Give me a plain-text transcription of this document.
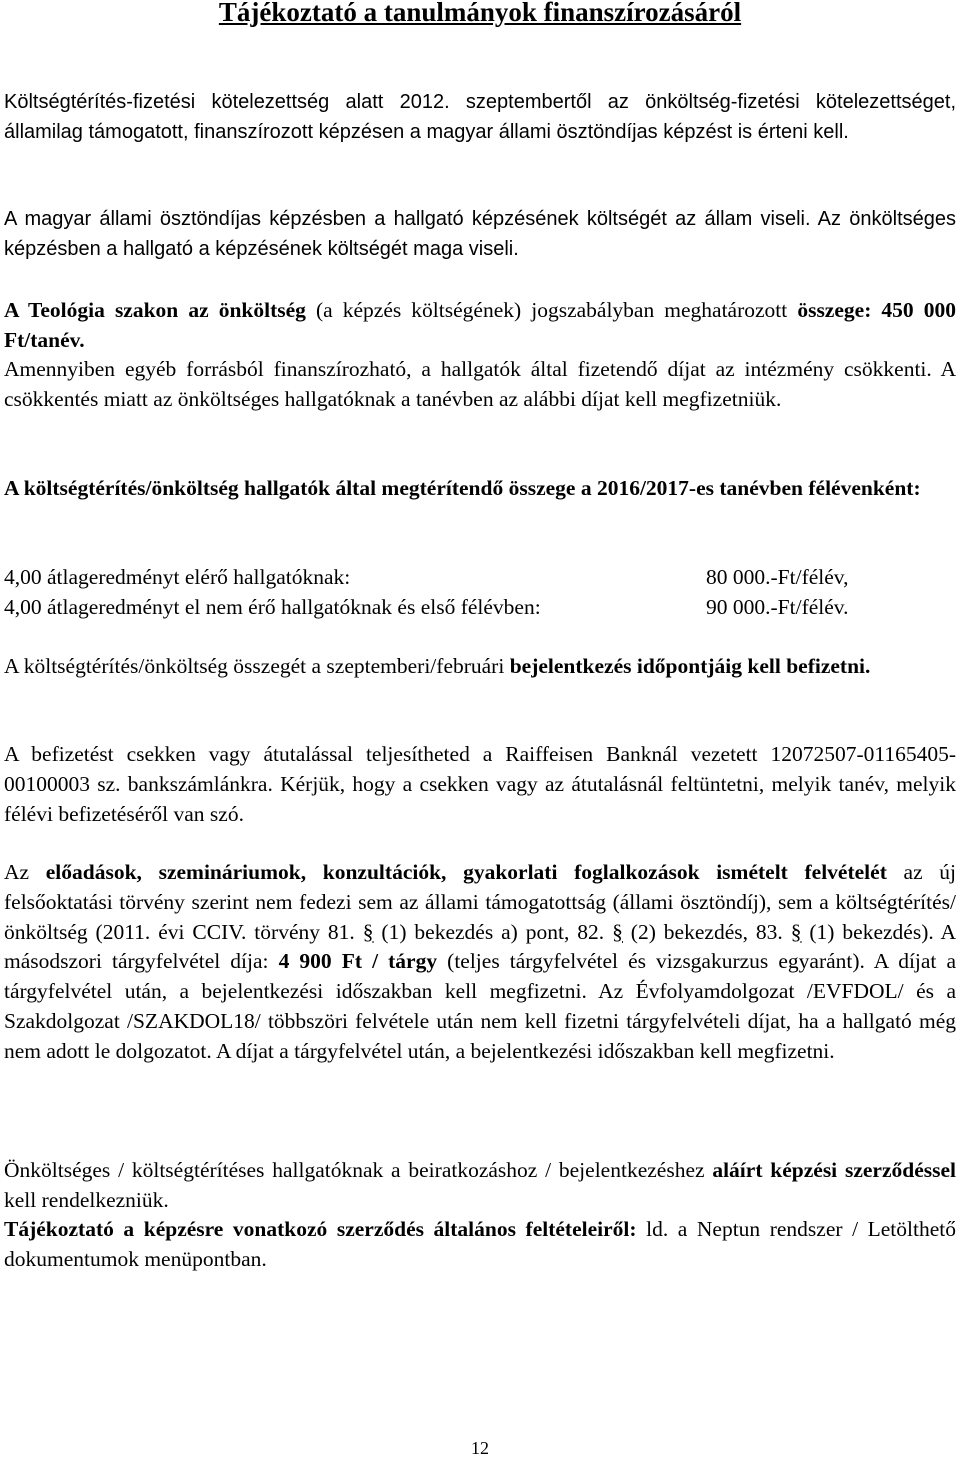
Tájékoztató a tanulmányok finanszírozásáról
Költségtérítés-fizetési kötelezettség alatt 2012. szeptembertől az önköltség-fizetési kötelezettséget, államilag támogatott, finanszírozott képzésen a magyar állami ösztöndíjas képzést is érteni kell.
A magyar állami ösztöndíjas képzésben a hallgató képzésének költségét az állam viseli. Az önköltséges képzésben a hallgató a képzésének költségét maga viseli.
A Teológia szakon az önköltség (a képzés költségének) jogszabályban meghatározott összege: 450 000 Ft/tanév.
Amennyiben egyéb forrásból finanszírozható, a hallgatók által fizetendő díjat az intézmény csökkenti. A csökkentés miatt az önköltséges hallgatóknak a tanévben az alábbi díjat kell megfizetniük.
A költségtérítés/önköltség hallgatók által megtérítendő összege a 2016/2017-es tanévben félévenként:
4,00 átlageredményt elérő hallgatóknak:	80 000.-Ft/félév,
4,00 átlageredményt el nem érő hallgatóknak és első félévben:	90 000.-Ft/félév.
A költségtérítés/önköltség összegét a szeptemberi/februári bejelentkezés időpontjáig kell befizetni.
A befizetést csekken vagy átutalással teljesítheted a Raiffeisen Banknál vezetett 12072507-01165405-00100003 sz. bankszámlánkra. Kérjük, hogy a csekken vagy az átutalásnál feltüntetni, melyik tanév, melyik félévi befizetéséről van szó.
Az előadások, szemináriumok, konzultációk, gyakorlati foglalkozások ismételt felvételét az új felsőoktatási törvény szerint nem fedezi sem az állami támogatottság (állami ösztöndíj), sem a költségtérítés/önköltség (2011. évi CCIV. törvény 81. § (1) bekezdés a) pont, 82. § (2) bekezdés, 83. § (1) bekezdés). A másodszori tárgyfelvétel díja: 4 900 Ft / tárgy (teljes tárgyfelvétel és vizsgakurzus egyaránt). A díjat a tárgyfelvétel után, a bejelentkezési időszakban kell megfizetni. Az Évfolyamdolgozat /EVFDOL/ és a Szakdolgozat /SZAKDOL18/ többszöri felvétele után nem kell fizetni tárgyfelvételi díjat, ha a hallgató még nem adott le dolgozatot. A díjat a tárgyfelvétel után, a bejelentkezési időszakban kell megfizetni.
Önköltséges / költségtérítéses hallgatóknak a beiratkozáshoz / bejelentkezéshez aláírt képzési szerződéssel kell rendelkezniük.
Tájékoztató a képzésre vonatkozó szerződés általános feltételeiről: ld. a Neptun rendszer / Letölthető dokumentumok menüpontban.
12
